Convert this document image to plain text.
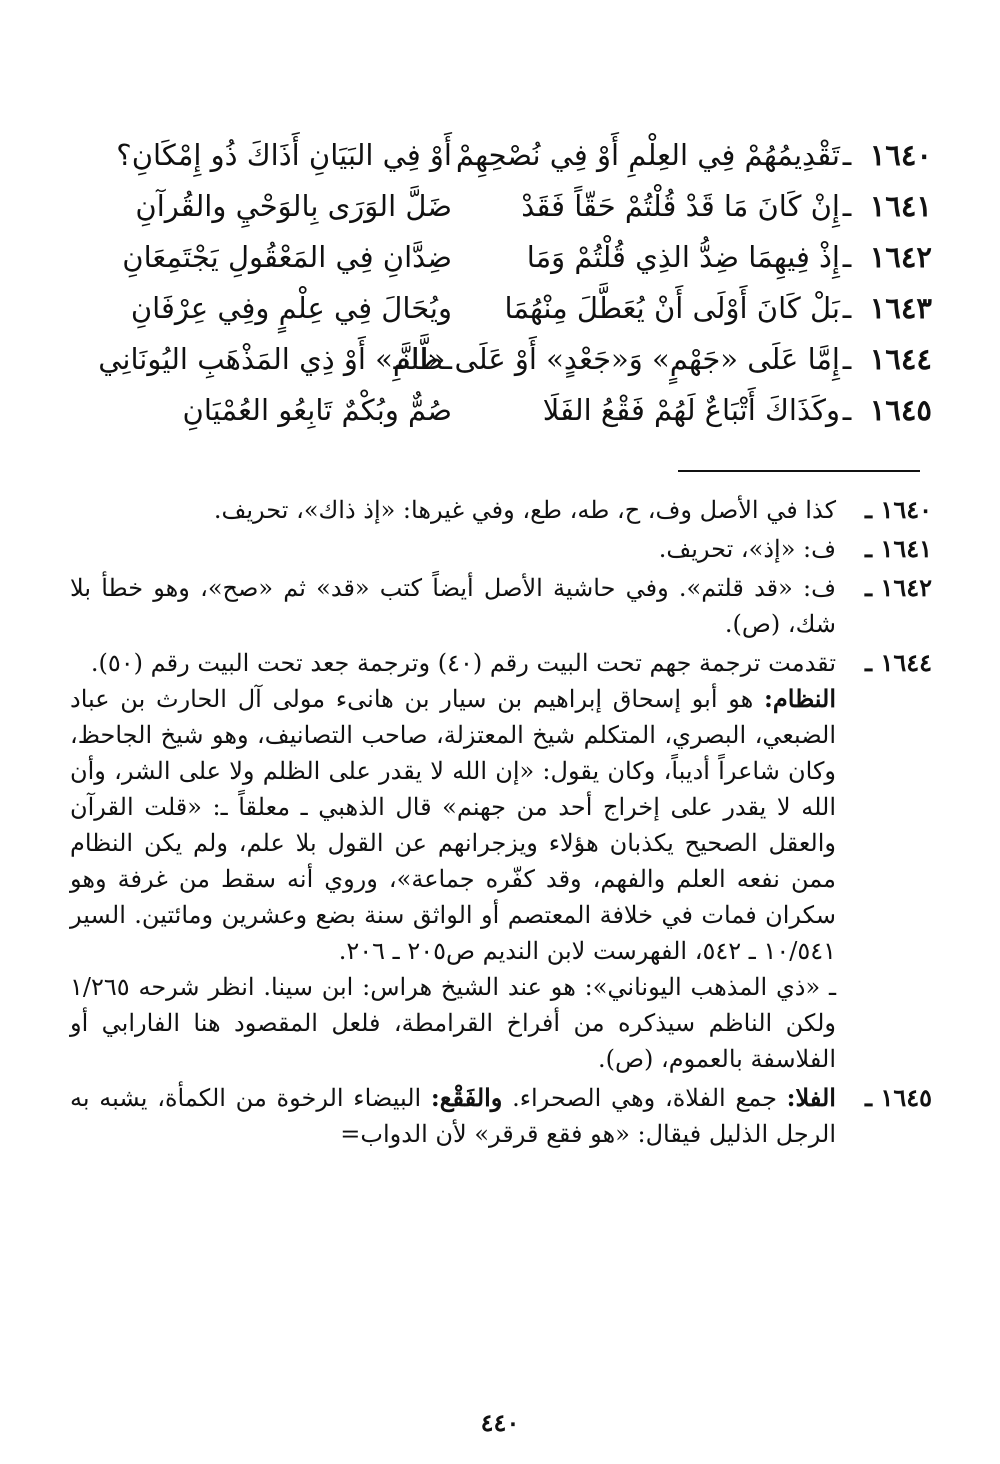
١٦٤٠
ـ
تَقْدِيمُهُمْ فِي العِلْمِ أَوْ فِي نُصْحِهِمْ
أَوْ فِي البَيَانِ أَذَاكَ ذُو إِمْكَانِ؟
١٦٤١
ـ
إِنْ كَانَ مَا قَدْ قُلْتُمْ حَقّاً فَقَدْ
ضَلَّ الوَرَى بِالوَحْيِ والقُرآنِ
١٦٤٢
ـ
إِذْ فِيهِمَا ضِدُّ الذِي قُلْتُمْ وَمَا
ضِدَّانِ فِي المَعْقُولِ يَجْتَمِعَانِ
١٦٤٣
ـ
بَلْ كَانَ أَوْلَى أَنْ يُعَطَّلَ مِنْهُمَا
ويُحَالَ فِي عِلْمٍ وفِي عِرْفَانِ
١٦٤٤
ـ
إِمَّا عَلَى «جَهْمٍ» وَ«جَعْدٍ» أَوْ عَلَى «النَّـ
ـظَّامِ» أَوْ ذِي المَذْهَبِ اليُونَانِي
١٦٤٥
ـ
وكَذَاكَ أَتْبَاعٌ لَهُمْ فَقْعُ الفَلَا
صُمٌّ وبُكْمٌ تَابِعُو العُمْيَانِ
١٦٤٠ ـ

كذا في الأصل وف، ح، طه، طع، وفي غيرها: «إذ ذاك»، تحريف.

١٦٤١ ـ

ف: «إذ»، تحريف.

١٦٤٢ ـ

ف: «قد قلتم». وفي حاشية الأصل أيضاً كتب «قد» ثم «صح»، وهو خطأ بلا شك، (ص).

١٦٤٤ ـ

تقدمت ترجمة جهم تحت البيت رقم (٤٠) وترجمة جعد تحت البيت رقم (٥٠).

النظام: هو أبو إسحاق إبراهيم بن سيار بن هانىء مولى آل الحارث بن عباد الضبعي، البصري، المتكلم شيخ المعتزلة، صاحب التصانيف، وهو شيخ الجاحظ، وكان شاعراً أديباً، وكان يقول: «إن الله لا يقدر على الظلم ولا على الشر، وأن الله لا يقدر على إخراج أحد من جهنم» قال الذهبي ـ معلقاً ـ: «قلت القرآن والعقل الصحيح يكذبان هؤلاء ويزجرانهم عن القول بلا علم، ولم يكن النظام ممن نفعه العلم والفهم، وقد كفّره جماعة»، وروي أنه سقط من غرفة وهو سكران فمات في خلافة المعتصم أو الواثق سنة بضع وعشرين ومائتين. السير ١٠/٥٤١ ـ ٥٤٢، الفهرست لابن النديم ص٢٠٥ ـ ٢٠٦.

ـ «ذي المذهب اليوناني»: هو عند الشيخ هراس: ابن سينا. انظر شرحه ١/٢٦٥ ولكن الناظم سيذكره من أفراخ القرامطة، فلعل المقصود هنا الفارابي أو الفلاسفة بالعموم، (ص).

١٦٤٥ ـ

الفلا: جمع الفلاة، وهي الصحراء. والفَقْع: البيضاء الرخوة من الكمأة، يشبه به الرجل الذليل فيقال: «هو فقع قرقر» لأن الدواب=

٤٤٠
